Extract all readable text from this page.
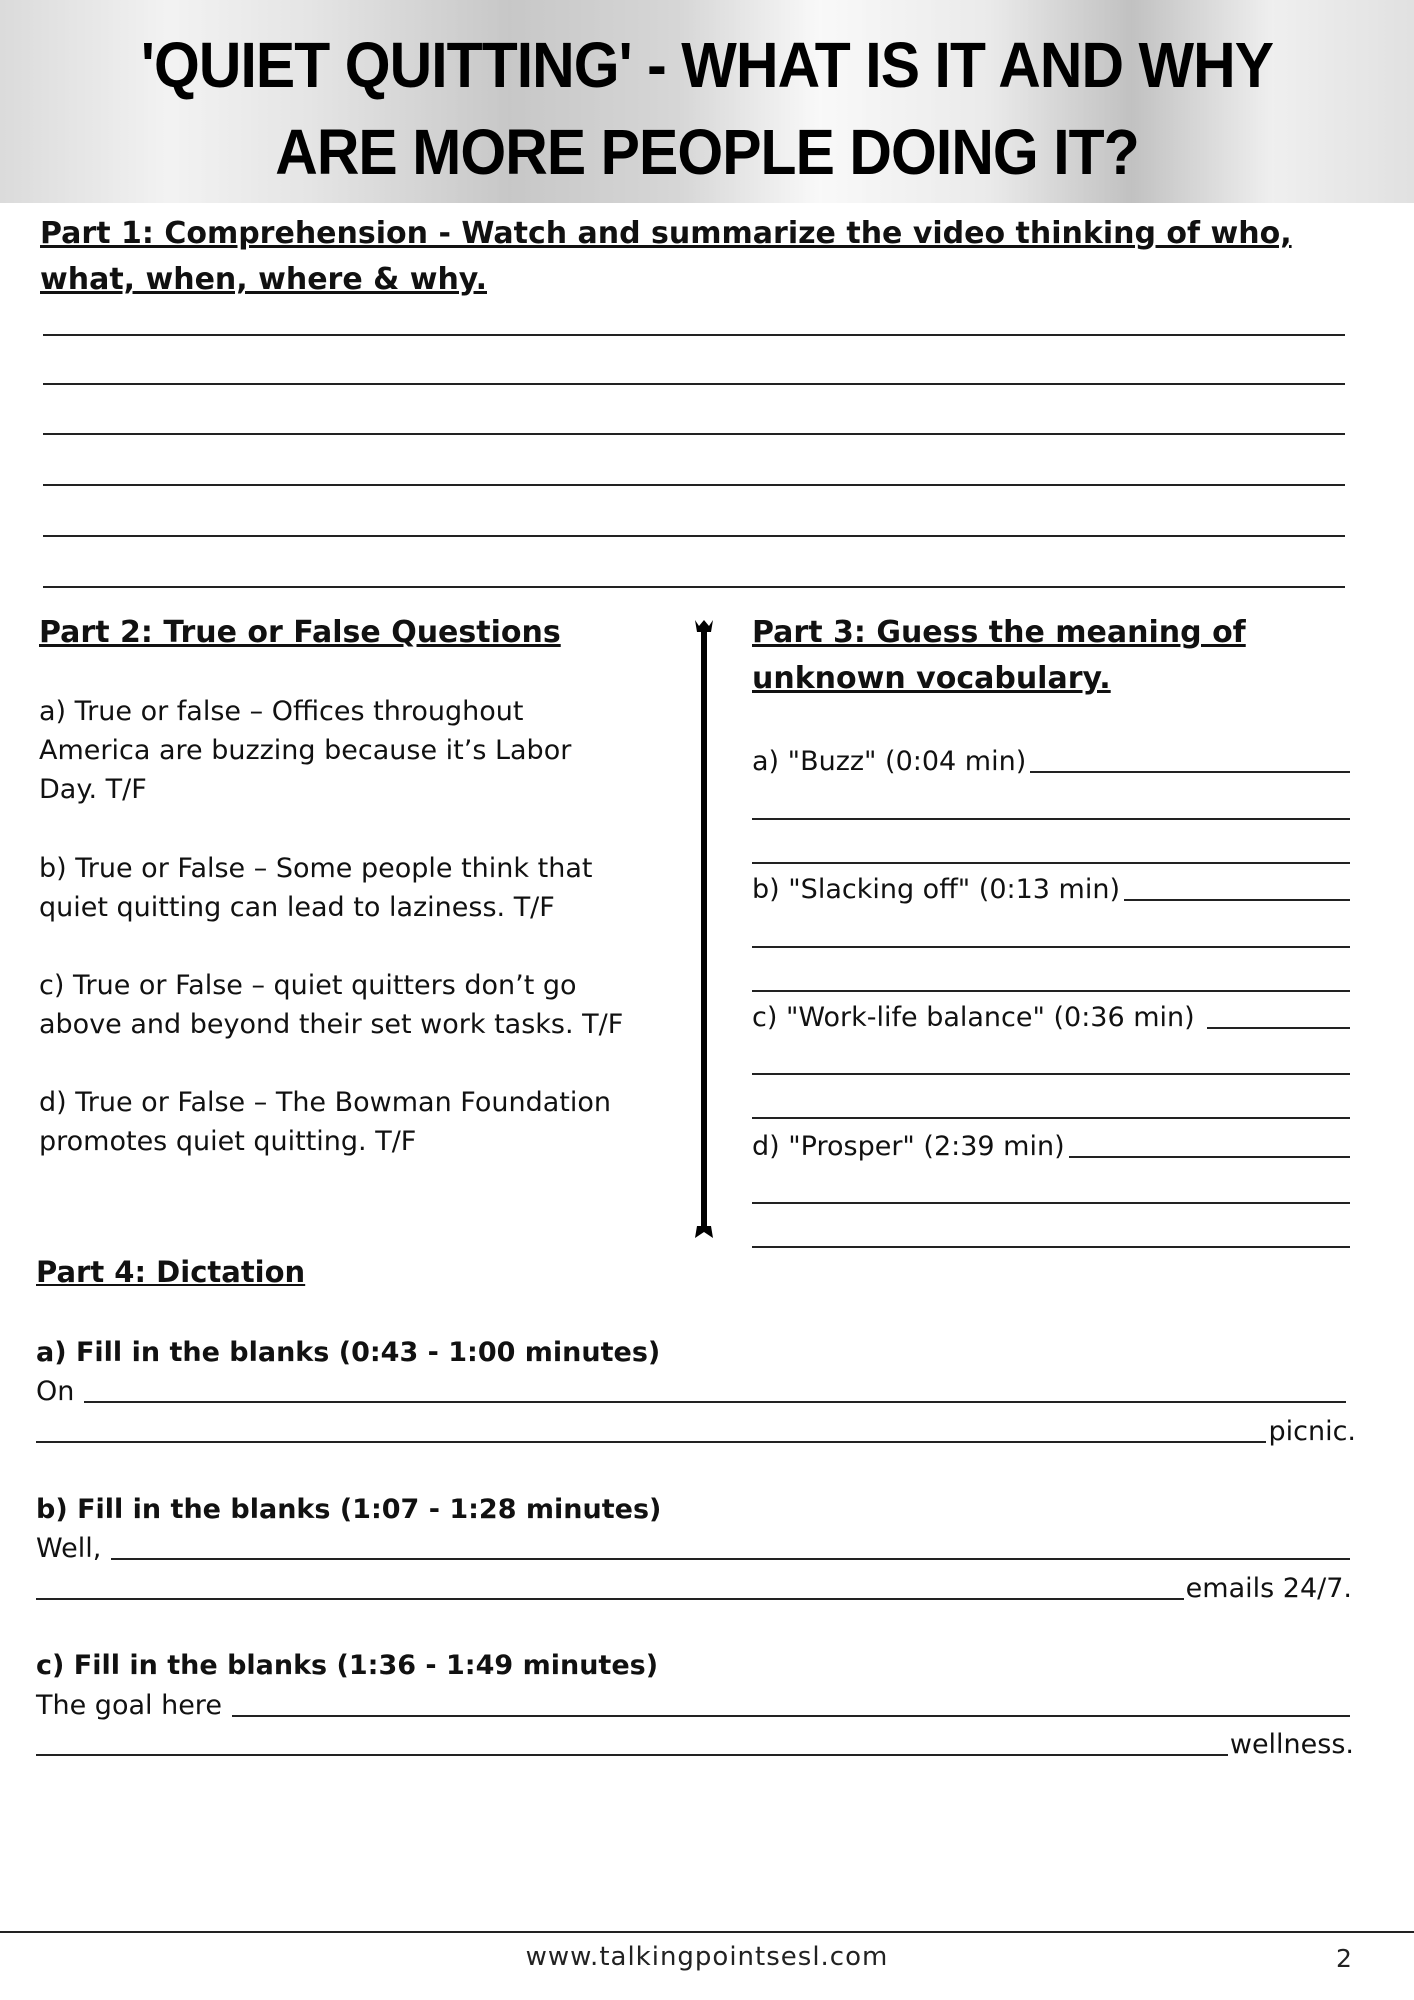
'QUIET QUITTING' - WHAT IS IT AND WHY
ARE MORE PEOPLE DOING IT?
Part 1: Comprehension - Watch and summarize the video thinking of who,
what, when, where & why.
Part 2: True or False Questions
a) True or false – Offices throughout
America are buzzing because it’s Labor
Day. T/F
b) True or False – Some people think that
quiet quitting can lead to laziness. T/F
c) True or False – quiet quitters don’t go
above and beyond their set work tasks. T/F
d) True or False – The Bowman Foundation
promotes quiet quitting. T/F
Part 3: Guess the meaning of
unknown vocabulary.
a) "Buzz" (0:04 min)
b) "Slacking off" (0:13 min)
c) "Work-life balance" (0:36 min)
d) "Prosper" (2:39 min)
Part 4: Dictation
a) Fill in the blanks (0:43 - 1:00 minutes)
On
picnic.
b) Fill in the blanks (1:07 - 1:28 minutes)
Well,
emails 24/7.
c) Fill in the blanks (1:36 - 1:49 minutes)
The goal here
wellness.
www.talkingpointsesl.com	2
